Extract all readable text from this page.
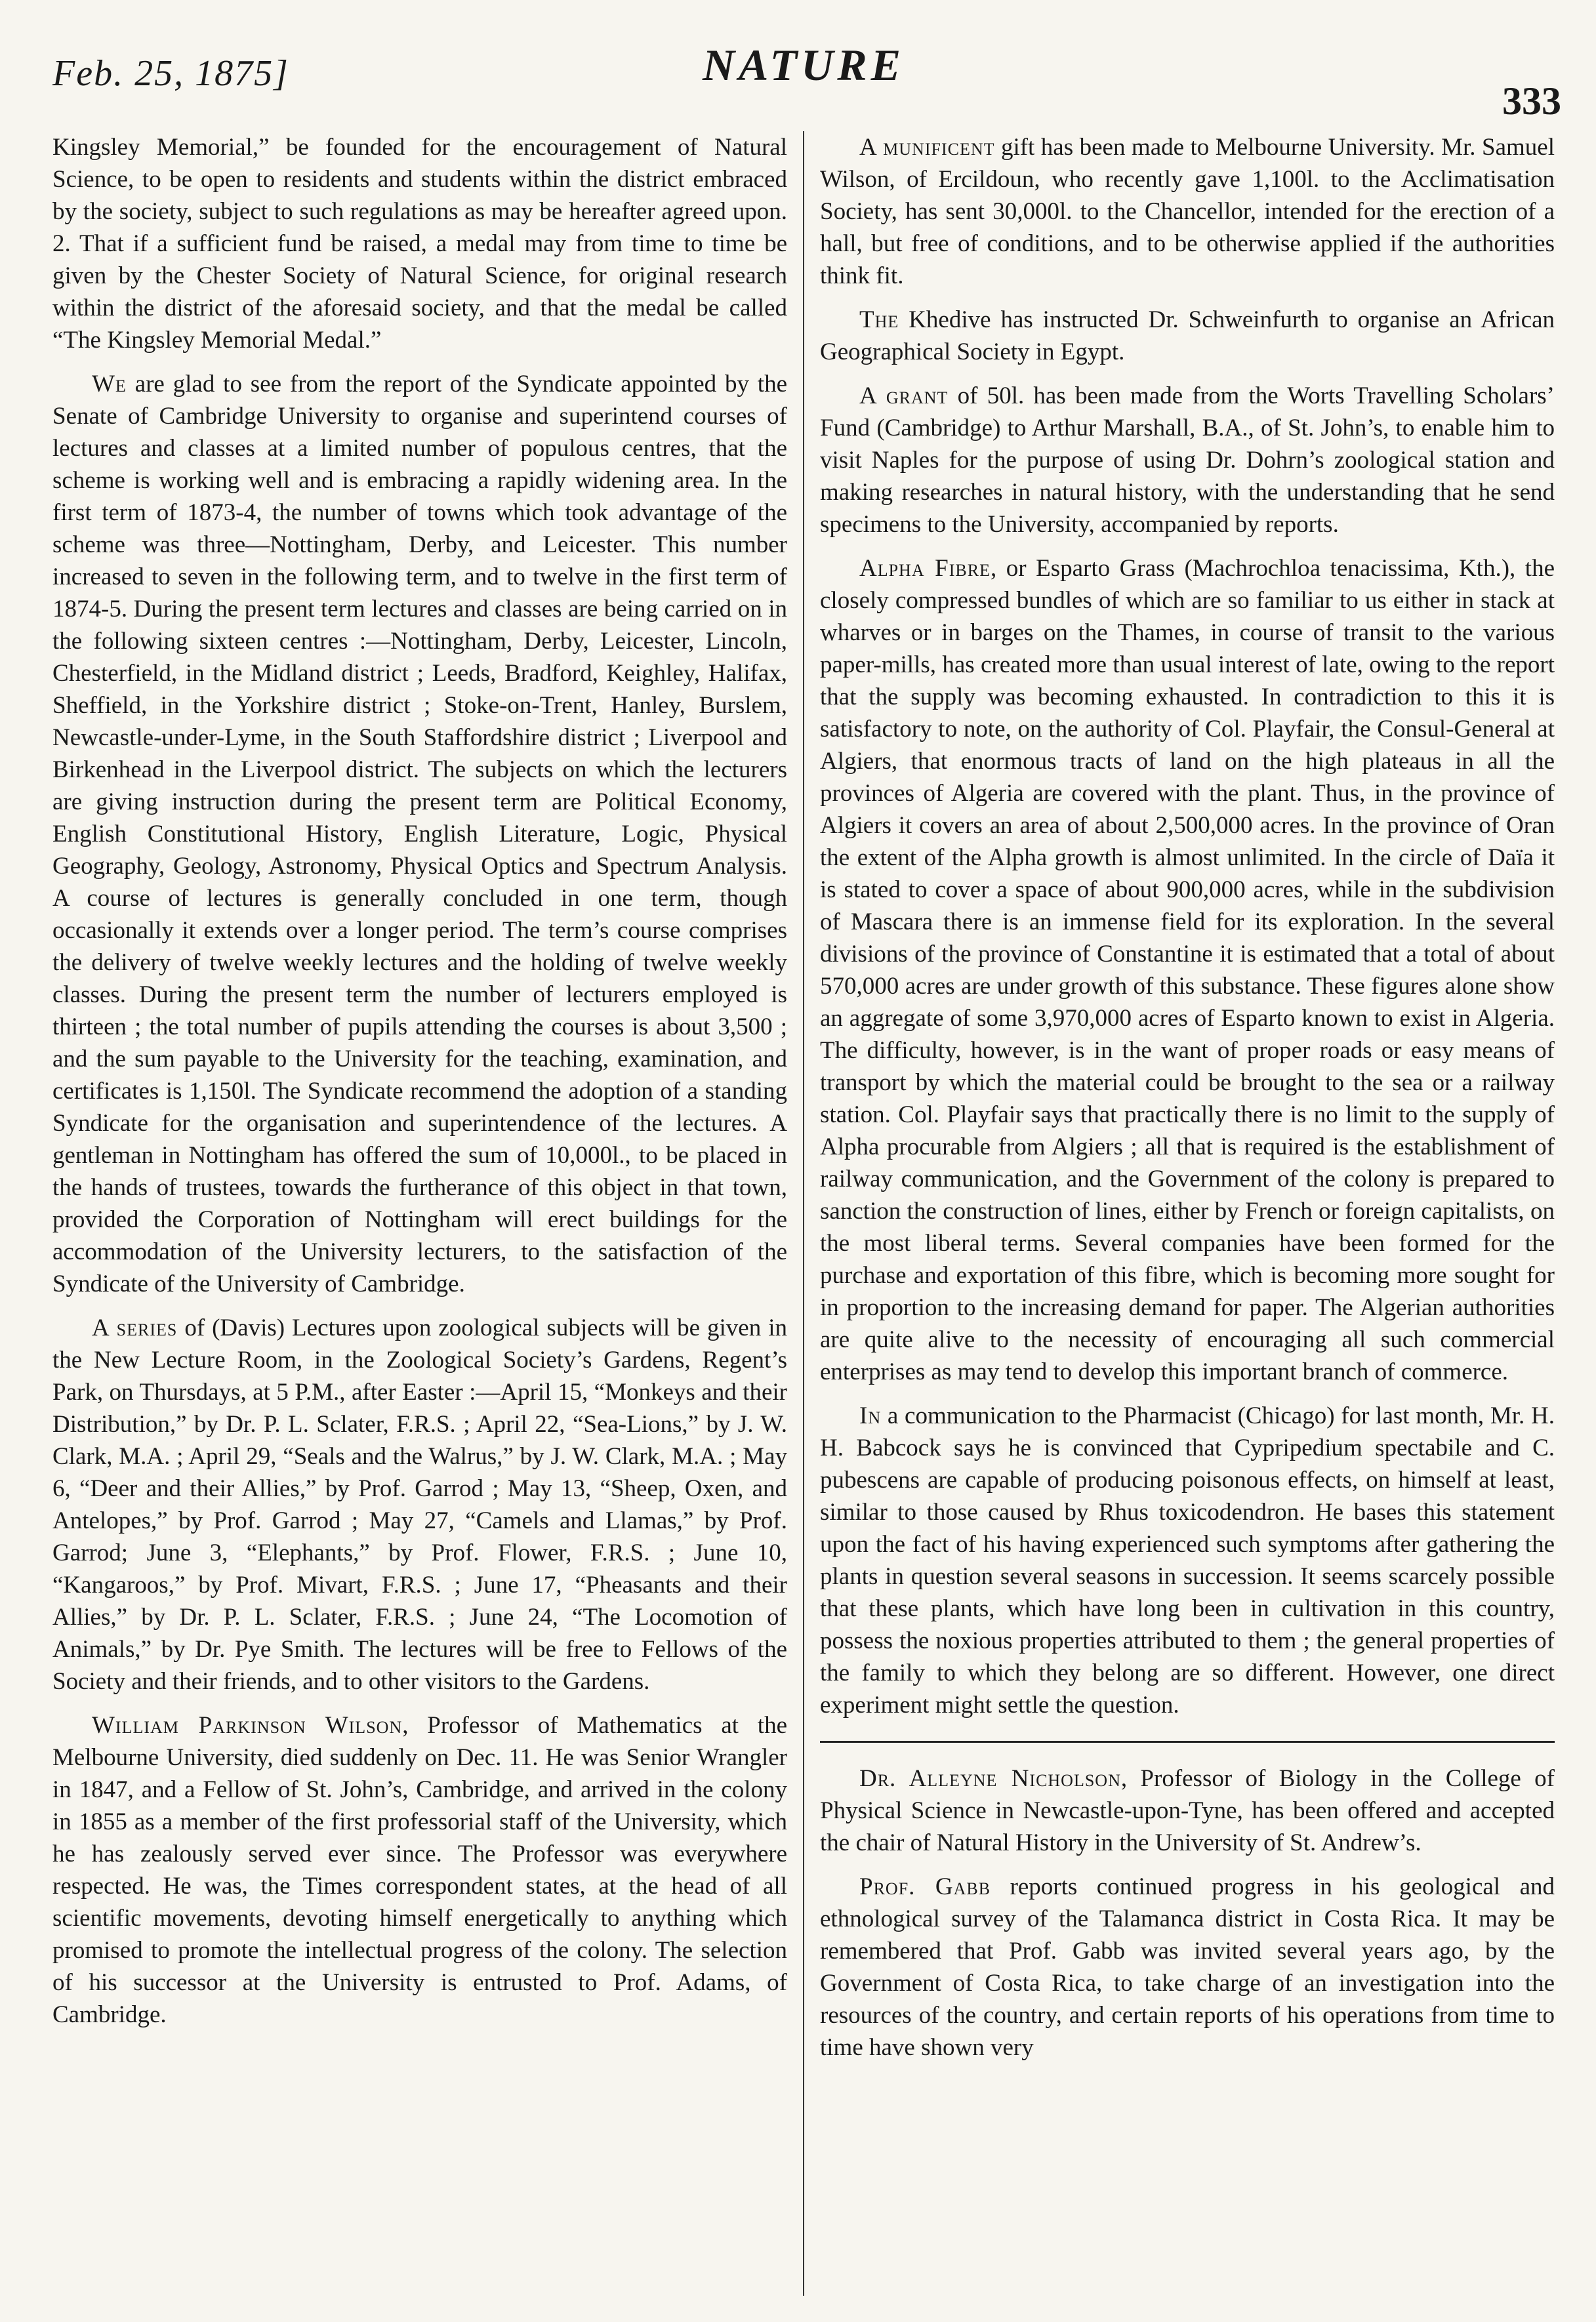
Feb. 25, 1875]	NATURE
333

Kingsley Memorial,” be founded for the encouragement of Natural Science, to be open to residents and students within the district embraced by the society, subject to such regulations as may be hereafter agreed upon. 2. That if a sufficient fund be raised, a medal may from time to time be given by the Chester Society of Natural Science, for original research within the district of the aforesaid society, and that the medal be called “The Kingsley Memorial Medal.”

We are glad to see from the report of the Syndicate appointed by the Senate of Cambridge University to organise and superintend courses of lectures and classes at a limited number of populous centres, that the scheme is working well and is embracing a rapidly widening area. In the first term of 1873-4, the number of towns which took advantage of the scheme was three—Nottingham, Derby, and Leicester. This number increased to seven in the following term, and to twelve in the first term of 1874-5. During the present term lectures and classes are being carried on in the following sixteen centres :—Nottingham, Derby, Leicester, Lincoln, Chesterfield, in the Midland district ; Leeds, Bradford, Keighley, Halifax, Sheffield, in the Yorkshire district ; Stoke-on-Trent, Hanley, Burslem, Newcastle-under-Lyme, in the South Staffordshire district ; Liverpool and Birkenhead in the Liverpool district. The subjects on which the lecturers are giving instruction during the present term are Political Economy, English Constitutional History, English Literature, Logic, Physical Geography, Geology, Astronomy, Physical Optics and Spectrum Analysis. A course of lectures is generally concluded in one term, though occasionally it extends over a longer period. The term’s course comprises the delivery of twelve weekly lectures and the holding of twelve weekly classes. During the present term the number of lecturers employed is thirteen ; the total number of pupils attending the courses is about 3,500 ; and the sum payable to the University for the teaching, examination, and certificates is 1,150l. The Syndicate recommend the adoption of a standing Syndicate for the organisation and superintendence of the lectures. A gentleman in Nottingham has offered the sum of 10,000l., to be placed in the hands of trustees, towards the furtherance of this object in that town, provided the Corporation of Nottingham will erect buildings for the accommodation of the University lecturers, to the satisfaction of the Syndicate of the University of Cambridge.

A series of (Davis) Lectures upon zoological subjects will be given in the New Lecture Room, in the Zoological Society’s Gardens, Regent’s Park, on Thursdays, at 5 P.M., after Easter :—April 15, “Monkeys and their Distribution,” by Dr. P. L. Sclater, F.R.S. ; April 22, “Sea-Lions,” by J. W. Clark, M.A. ; April 29, “Seals and the Walrus,” by J. W. Clark, M.A. ; May 6, “Deer and their Allies,” by Prof. Garrod ; May 13, “Sheep, Oxen, and Antelopes,” by Prof. Garrod ; May 27, “Camels and Llamas,” by Prof. Garrod; June 3, “Elephants,” by Prof. Flower, F.R.S. ; June 10, “Kangaroos,” by Prof. Mivart, F.R.S. ; June 17, “Pheasants and their Allies,” by Dr. P. L. Sclater, F.R.S. ; June 24, “The Locomotion of Animals,” by Dr. Pye Smith. The lectures will be free to Fellows of the Society and their friends, and to other visitors to the Gardens.

William Parkinson Wilson, Professor of Mathematics at the Melbourne University, died suddenly on Dec. 11. He was Senior Wrangler in 1847, and a Fellow of St. John’s, Cambridge, and arrived in the colony in 1855 as a member of the first professorial staff of the University, which he has zealously served ever since. The Professor was everywhere respected. He was, the Times correspondent states, at the head of all scientific movements, devoting himself energetically to anything which promised to promote the intellectual progress of the colony. The selection of his successor at the University is entrusted to Prof. Adams, of Cambridge.

A munificent gift has been made to Melbourne University. Mr. Samuel Wilson, of Ercildoun, who recently gave 1,100l. to the Acclimatisation Society, has sent 30,000l. to the Chancellor, intended for the erection of a hall, but free of conditions, and to be otherwise applied if the authorities think fit.

The Khedive has instructed Dr. Schweinfurth to organise an African Geographical Society in Egypt.

A grant of 50l. has been made from the Worts Travelling Scholars’ Fund (Cambridge) to Arthur Marshall, B.A., of St. John’s, to enable him to visit Naples for the purpose of using Dr. Dohrn’s zoological station and making researches in natural history, with the understanding that he send specimens to the University, accompanied by reports.

Alpha Fibre, or Esparto Grass (Machrochloa tenacissima, Kth.), the closely compressed bundles of which are so familiar to us either in stack at wharves or in barges on the Thames, in course of transit to the various paper-mills, has created more than usual interest of late, owing to the report that the supply was becoming exhausted. In contradiction to this it is satisfactory to note, on the authority of Col. Playfair, the Consul-General at Algiers, that enormous tracts of land on the high plateaus in all the provinces of Algeria are covered with the plant. Thus, in the province of Algiers it covers an area of about 2,500,000 acres. In the province of Oran the extent of the Alpha growth is almost unlimited. In the circle of Daïa it is stated to cover a space of about 900,000 acres, while in the subdivision of Mascara there is an immense field for its exploration. In the several divisions of the province of Constantine it is estimated that a total of about 570,000 acres are under growth of this substance. These figures alone show an aggregate of some 3,970,000 acres of Esparto known to exist in Algeria. The difficulty, however, is in the want of proper roads or easy means of transport by which the material could be brought to the sea or a railway station. Col. Playfair says that practically there is no limit to the supply of Alpha procurable from Algiers ; all that is required is the establishment of railway communication, and the Government of the colony is prepared to sanction the construction of lines, either by French or foreign capitalists, on the most liberal terms. Several companies have been formed for the purchase and exportation of this fibre, which is becoming more sought for in proportion to the increasing demand for paper. The Algerian authorities are quite alive to the necessity of encouraging all such commercial enterprises as may tend to develop this important branch of commerce.

In a communication to the Pharmacist (Chicago) for last month, Mr. H. H. Babcock says he is convinced that Cypripedium spectabile and C. pubescens are capable of producing poisonous effects, on himself at least, similar to those caused by Rhus toxicodendron. He bases this statement upon the fact of his having experienced such symptoms after gathering the plants in question several seasons in succession. It seems scarcely possible that these plants, which have long been in cultivation in this country, possess the noxious properties attributed to them ; the general properties of the family to which they belong are so different. However, one direct experiment might settle the question.

Dr. Alleyne Nicholson, Professor of Biology in the College of Physical Science in Newcastle-upon-Tyne, has been offered and accepted the chair of Natural History in the University of St. Andrew’s.

Prof. Gabb reports continued progress in his geological and ethnological survey of the Talamanca district in Costa Rica. It may be remembered that Prof. Gabb was invited several years ago, by the Government of Costa Rica, to take charge of an investigation into the resources of the country, and certain reports of his operations from time to time have shown very
